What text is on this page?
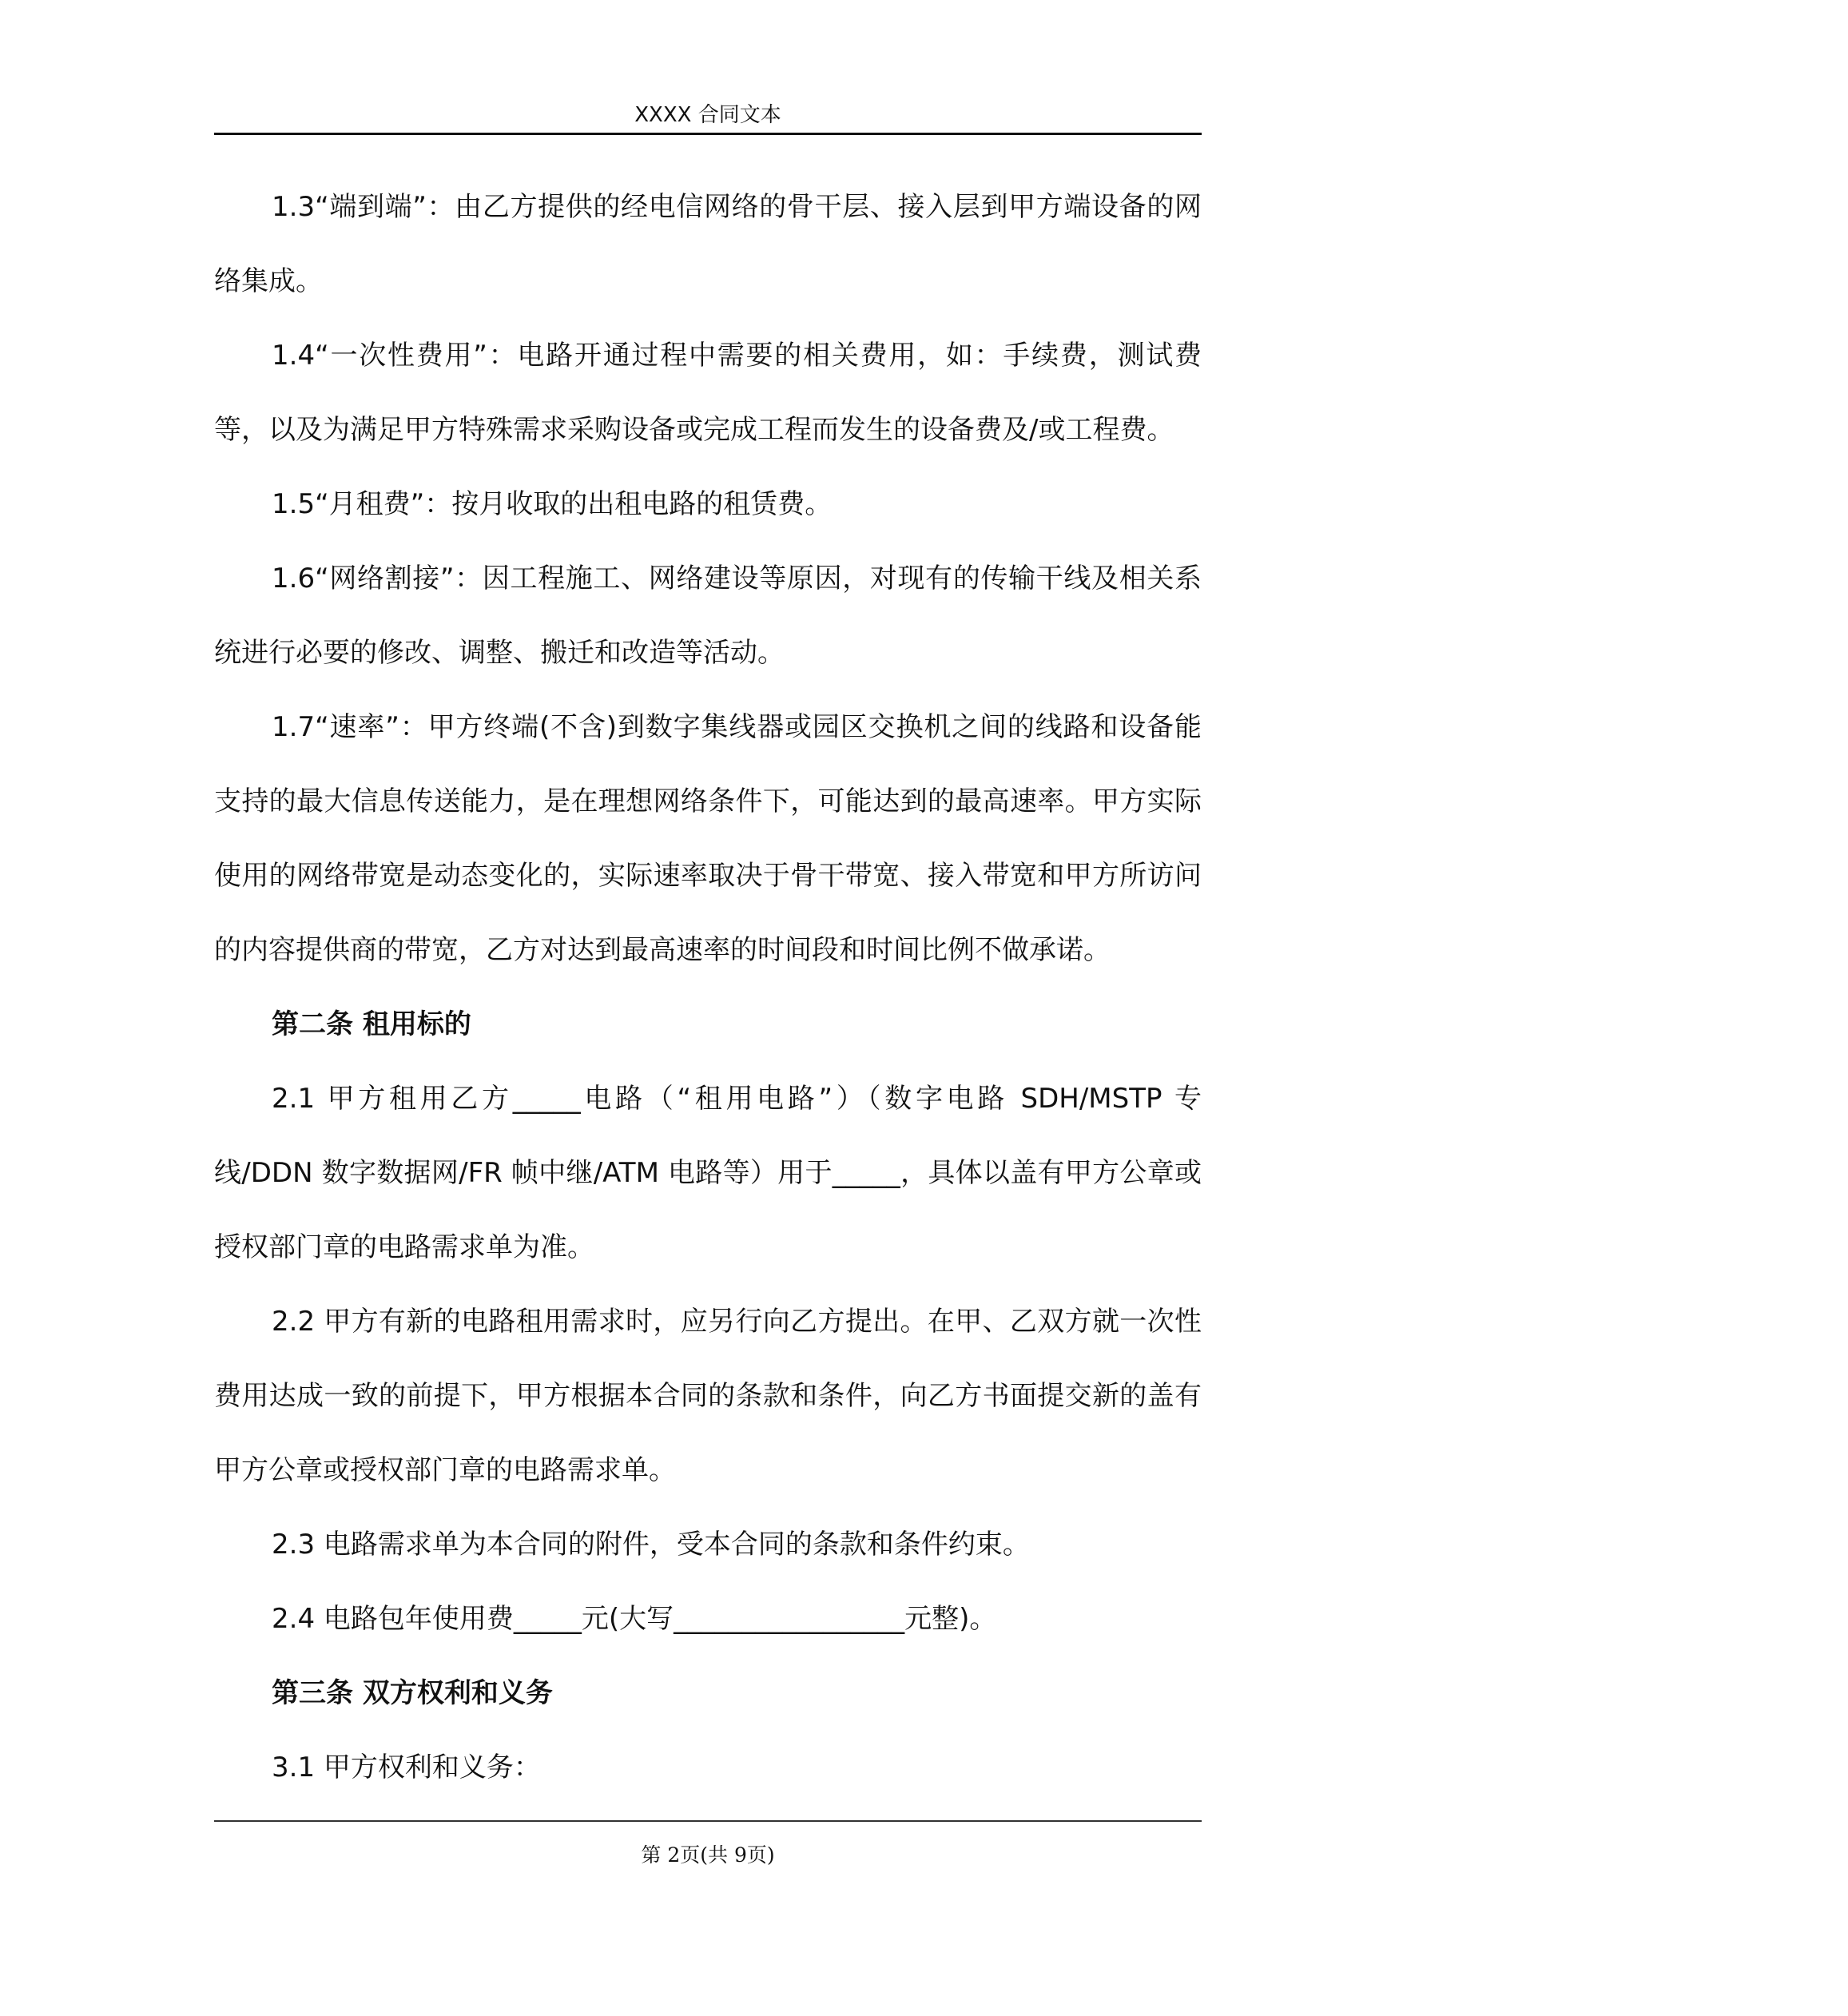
XXXX 合同文本

1.3“端到端”：由乙方提供的经电信网络的骨干层、接入层到甲方端设备的网络集成。

1.4“一次性费用”：电路开通过程中需要的相关费用，如：手续费，测试费等，以及为满足甲方特殊需求采购设备或完成工程而发生的设备费及/或工程费。

1.5“月租费”：按月收取的出租电路的租赁费。

1.6“网络割接”：因工程施工、网络建设等原因，对现有的传输干线及相关系统进行必要的修改、调整、搬迁和改造等活动。

1.7“速率”：甲方终端(不含)到数字集线器或园区交换机之间的线路和设备能支持的最大信息传送能力，是在理想网络条件下，可能达到的最高速率。甲方实际使用的网络带宽是动态变化的，实际速率取决于骨干带宽、接入带宽和甲方所访问的内容提供商的带宽，乙方对达到最高速率的时间段和时间比例不做承诺。

第二条 租用标的

2.1 甲方租用乙方_____电路（“租用电路”）（数字电路 SDH/MSTP 专线/DDN 数字数据网/FR 帧中继/ATM 电路等）用于_____，具体以盖有甲方公章或授权部门章的电路需求单为准。

2.2 甲方有新的电路租用需求时，应另行向乙方提出。在甲、乙双方就一次性费用达成一致的前提下，甲方根据本合同的条款和条件，向乙方书面提交新的盖有甲方公章或授权部门章的电路需求单。

2.3 电路需求单为本合同的附件，受本合同的条款和条件约束。

2.4 电路包年使用费_____元(大写_________________元整)。

第三条 双方权利和义务

3.1 甲方权利和义务：

第 2页(共 9页)
